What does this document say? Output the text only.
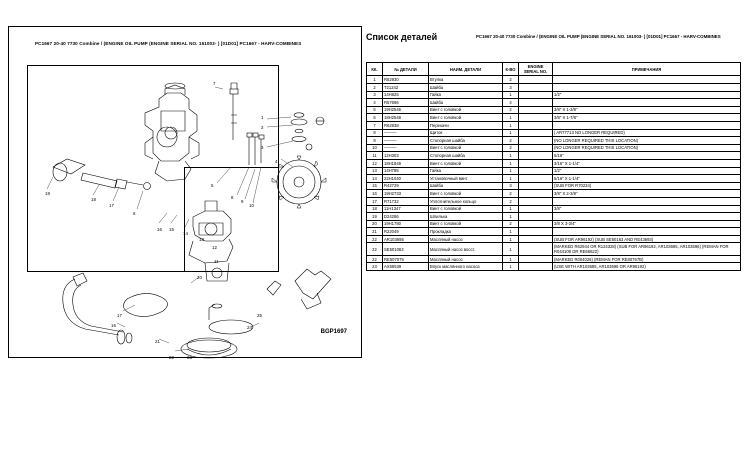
PC1667 20-40 7730 Combine / (ENGINE OIL PUMP (ENGINE SERIAL NO. 161003- ) [01D01] PC1667 - HARV-COMBINES
BGP1697
16 15
14
13
12
19
18
17
6
7
1
2
3
4
5
8
9
10
11
20
17
16
21
22	23
24
25
Список деталей	PC1667 20-40 7730 Combine / (ENGINE OIL PUMP (ENGINE SERIAL NO. 161003- ) [01D01] PC1667 - HARV-COMBINES
КК.	№ ДЕТАЛИ	НАИМ. ДЕТАЛИ	К-ВО	ENGINE SERIAL NO.	ПРИМЕЧАНИЯ
1	R62930	Втулка	2		
2	T21242	Шайба	3		
3	14H825	Гайка	1		1/2"
4	R57696	Шайба	4		
5	19H2546	Винт с головкой	2		3/8" X 1-3/8"
6	18H2548	Винт с головкой	1		3/8" X 1-7/8"
7	R62938	Перекачи	1		
8	———	Щиток	1		( AR77713 NO LONGER REQUIRED)
9	———	Стопорная шайба	2		(NO LONGER REQUIRED THIS LOCATION)
10	———	Винт с головкой	2		(NO LONGER REQUIRED THIS LOCATION)
11	12H303	Стопорная шайба	1		5/16"
12	18H1849	Винт с головкой	1		3/16" X 1-1/4"
13	14H785	Гайка	1		1/2"
14	22H1040	Установочный винт	1		5/16" X 1-1/4"
15	R42729	Шайба	3		(SUB FOR R70234)
16	19H2733	Винт с головкой	2		3/8" X 2-3/8"
17	R71732	Уплотнительное кольцо	2		
18	11H1347	Винт с головкой	1		3/8"
19	D24286	Шпилька	1		
20	19H1780	Винт с головкой	2		3/8 X 3-3/4"
21	R22049	Прокладка	1		
22	AR103695	Масляный насос	1		(SUB FOR AR96192) (SUB SE50163 AND RE43693)
22	SE501063	Масляный насос восст.	1		(MARKED R62944 OR R124328) (SUB FOR AR96192, AR103695, AR103696) (REMAN FOR R044108 OR RE66622)
22	RE507075	Масляный насос	1		(MARKED R004026) (REMAN FOR RE80767B)
23	AX56539	Впуск маслянного насоса	1		(USE WITH AR103695, AR103696 OR AR96192)
